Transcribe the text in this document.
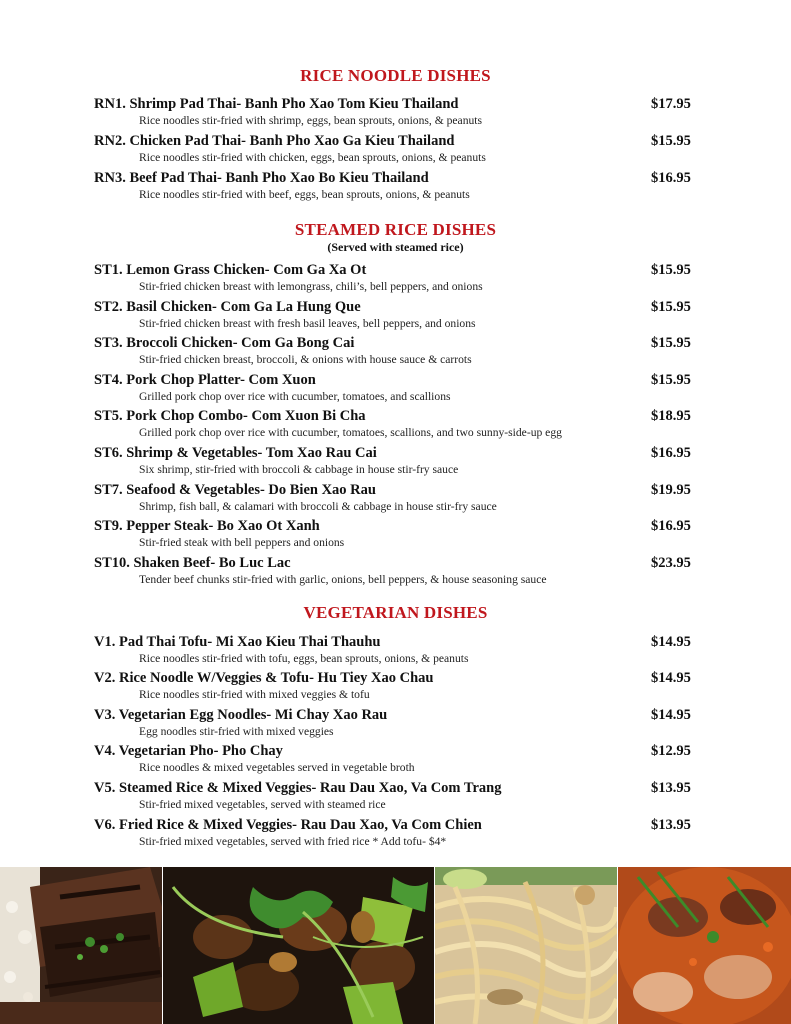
RICE NOODLE DISHES
RN1. Shrimp Pad Thai- Banh Pho Xao Tom Kieu Thailand	$17.95
Rice noodles stir-fried with shrimp, eggs, bean sprouts, onions, & peanuts
RN2. Chicken Pad Thai- Banh Pho Xao Ga Kieu Thailand	$15.95
Rice noodles stir-fried with chicken, eggs, bean sprouts, onions, & peanuts
RN3. Beef Pad Thai- Banh Pho Xao Bo Kieu Thailand	$16.95
Rice noodles stir-fried with beef, eggs, bean sprouts, onions, & peanuts
STEAMED RICE DISHES
(Served with steamed rice)
ST1. Lemon Grass Chicken- Com Ga Xa Ot	$15.95
Stir-fried chicken breast with lemongrass, chili’s, bell peppers, and onions
ST2. Basil Chicken- Com Ga La Hung Que	$15.95
Stir-fried chicken breast with fresh basil leaves, bell peppers, and onions
ST3. Broccoli Chicken- Com Ga Bong Cai	$15.95
Stir-fried chicken breast, broccoli, & onions with house sauce & carrots
ST4. Pork Chop Platter- Com Xuon	$15.95
Grilled pork chop over rice with cucumber, tomatoes, and scallions
ST5. Pork Chop Combo- Com Xuon Bi Cha	$18.95
Grilled pork chop over rice with cucumber, tomatoes, scallions, and two sunny-side-up egg
ST6. Shrimp & Vegetables- Tom Xao Rau Cai	$16.95
Six shrimp, stir-fried with broccoli & cabbage in house stir-fry sauce
ST7. Seafood & Vegetables- Do Bien Xao Rau	$19.95
Shrimp, fish ball, & calamari with broccoli & cabbage in house stir-fry sauce
ST9. Pepper Steak- Bo Xao Ot Xanh	$16.95
Stir-fried steak with bell peppers and onions
ST10. Shaken Beef- Bo Luc Lac	$23.95
Tender beef chunks stir-fried with garlic, onions, bell peppers, & house seasoning sauce
VEGETARIAN DISHES
V1. Pad Thai Tofu- Mi Xao Kieu Thai Thauhu	$14.95
Rice noodles stir-fried with tofu, eggs, bean sprouts, onions, & peanuts
V2. Rice Noodle W/Veggies & Tofu- Hu Tiey Xao Chau	$14.95
Rice noodles stir-fried with mixed veggies & tofu
V3. Vegetarian Egg Noodles- Mi Chay Xao Rau	$14.95
Egg noodles stir-fried with mixed veggies
V4. Vegetarian Pho- Pho Chay	$12.95
Rice noodles & mixed vegetables served in vegetable broth
V5. Steamed Rice & Mixed Veggies- Rau Dau Xao, Va Com Trang	$13.95
Stir-fried mixed vegetables, served with steamed rice
V6. Fried Rice & Mixed Veggies- Rau Dau Xao, Va Com Chien	$13.95
Stir-fried mixed vegetables, served with fried rice * Add tofu- $4*
